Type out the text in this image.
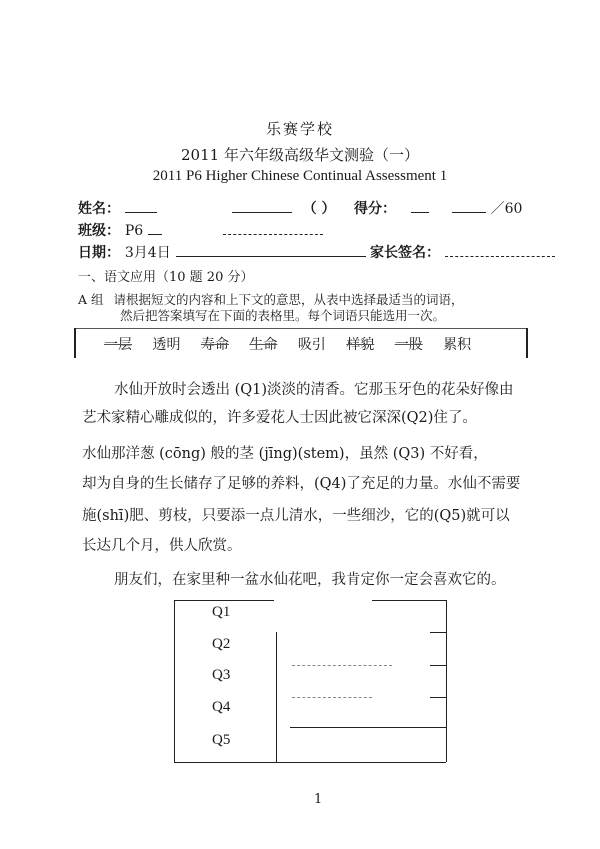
乐赛学校
2011 年六年级高级华文测验（一）
2011 P6 Higher Chinese Continual Assessment 1
姓名：	（ ） 得分：	／60
班级： P6
日期： 3月4日	家长签名：
一、语文应用（10 题 20 分）
A 组 请根据短文的内容和上下文的意思，从表中选择最适当的词语，
然后把答案填写在下面的表格里。每个词语只能选用一次。
一层 透明 寿命 生命 吸引 样貌 一股 累积
水仙开放时会透出 (Q1)淡淡的清香。它那玉牙色的花朵好像由
艺术家精心雕成似的，许多爱花人士因此被它深深(Q2)住了。
水仙那洋葱 (cōng) 般的茎 (jīng)(stem)，虽然 (Q3) 不好看，
却为自身的生长储存了足够的养料，(Q4)了充足的力量。水仙不需要
施(shī)肥、剪枝，只要添一点儿清水，一些细沙，它的(Q5)就可以
长达几个月，供人欣赏。
朋友们，在家里种一盆水仙花吧，我肯定你一定会喜欢它的。
Q1
Q2
Q3
Q4
Q5
1
